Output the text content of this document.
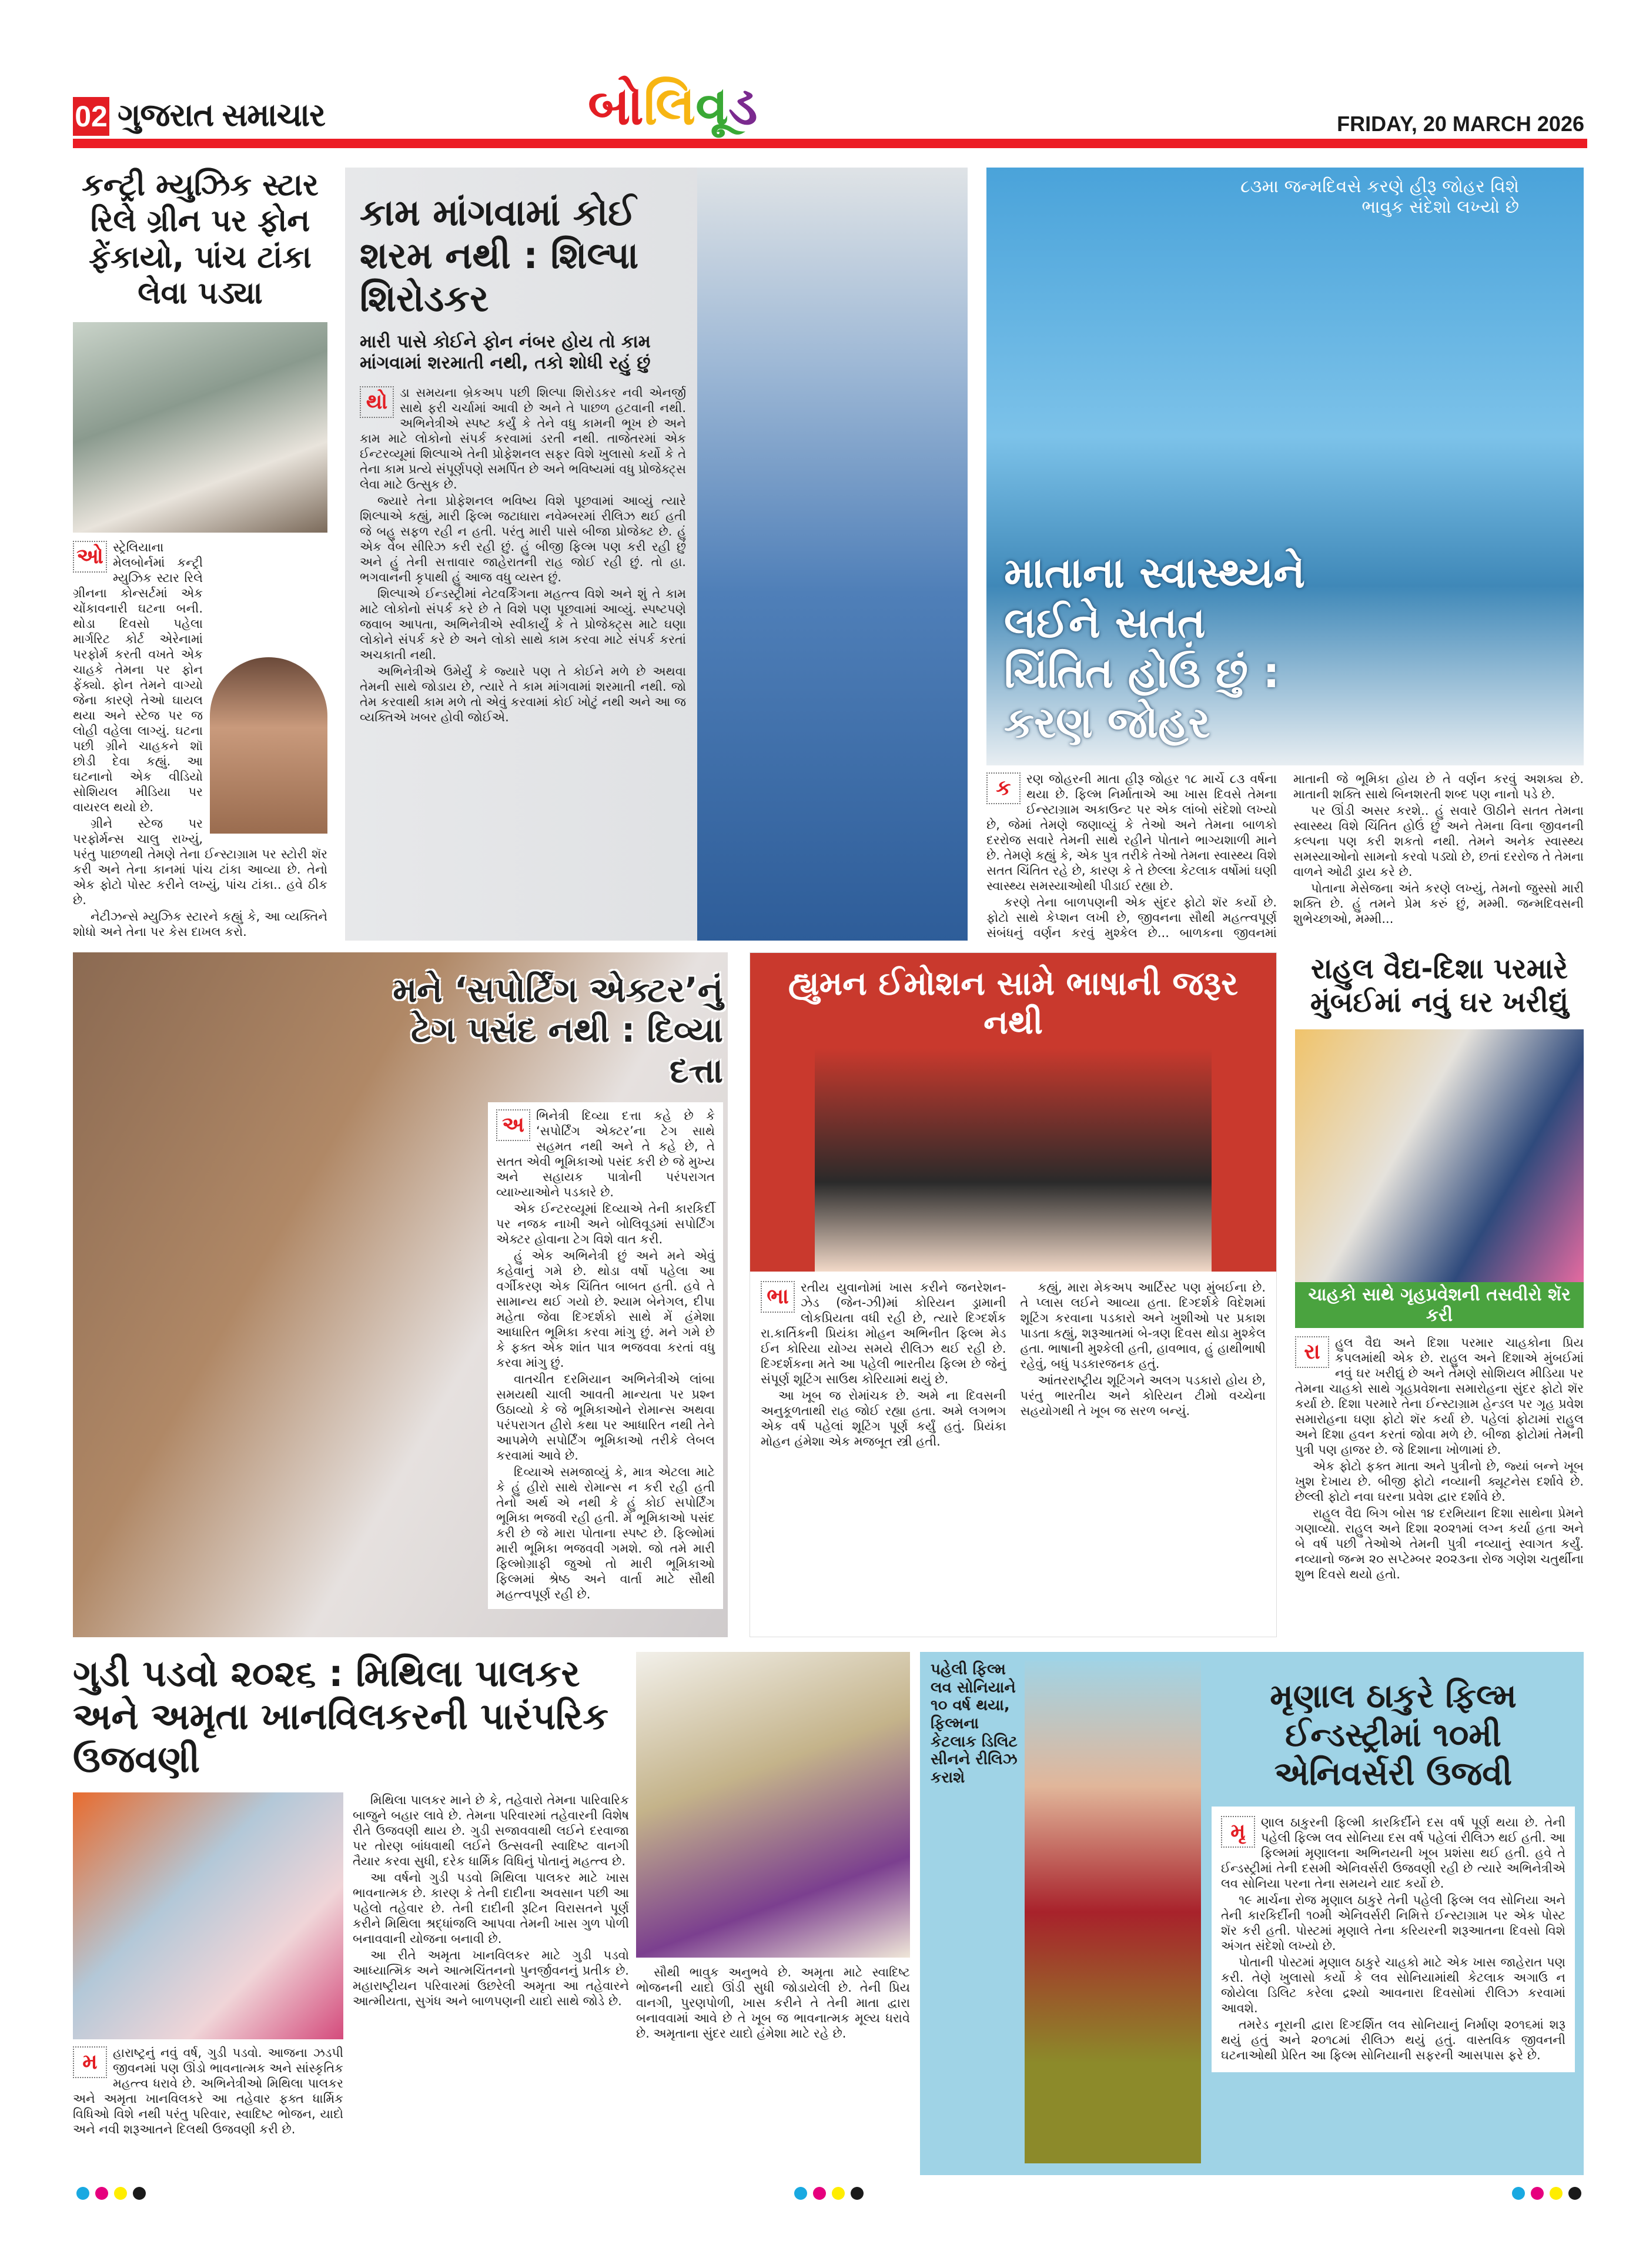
02 ગુજરાત સમાચાર	બો લિ વૂ ડ	FRIDAY, 20 MARCH 2026
કન્ટ્રી મ્યુઝિક સ્ટાર રિલે ગ્રીન પર ફોન ફેંકાયો, પાંચ ટાંકા લેવા પડ્યા
ઓ સ્ટ્રેલિયાના મેલબોર્નમાં કન્ટ્રી મ્યુઝિક સ્ટાર રિલે ગ્રીનના કોન્સર્ટમાં એક ચોંકાવનારી ઘટના બની. થોડા દિવસો પહેલા માર્ગરિટ કોર્ટ એરેનામાં પરફોર્મ કરતી વખતે એક ચાહકે તેમના પર ફોન ફેંક્યો. ફોન તેમને વાગ્યો જેના કારણે તેઓ ઘાયલ થયા અને સ્ટેજ પર જ લોહી વહેલા લાગ્યું. ઘટના પછી ગ્રીને ચાહકને શૉ છોડી દેવા કહ્યું. આ ઘટનાનો એક વીડિયો સોશિયલ મીડિયા પર વાયરલ થયો છે.

ગ્રીને સ્ટેજ પર પરફોર્મન્સ ચાલુ રાખ્યું, પરંતુ પાછળથી તેમણે તેના ઈન્સ્ટાગ્રામ પર સ્ટોરી શૅર કરી અને તેના કાનમાં પાંચ ટાંકા આવ્યા છે. તેનો એક ફોટો પોસ્ટ કરીને લખ્યું, પાંચ ટાંકા.. હવે ઠીક છે.

નેટીઝન્સે મ્યુઝિક સ્ટારને કહ્યું કે, આ વ્યક્તિને શોધો અને તેના પર કેસ દાખલ કરો.

કામ માંગવામાં કોઈ શરમ નથી : શિલ્પા શિરોડકર
મારી પાસે કોઈને ફોન નંબર હોય તો કામ માંગવામાં શરમાતી નથી, તકો શોધી રહું છું
થો ડા સમયના બ્રેકઅપ પછી શિલ્પા શિરોડકર નવી એનર્જી સાથે ફરી ચર્ચામાં આવી છે અને તે પાછળ હટવાની નથી. અભિનેત્રીએ સ્પષ્ટ કર્યું કે તેને વધુ કામની ભૂખ છે અને કામ માટે લોકોનો સંપર્ક કરવામાં ડરતી નથી. તાજેતરમાં એક ઈન્ટરવ્યૂમાં શિલ્પાએ તેની પ્રોફેશનલ સફર વિશે ખુલાસો કર્યો કે તે તેના કામ પ્રત્યે સંપૂર્ણપણે સમર્પિત છે અને ભવિષ્યમાં વધુ પ્રોજેક્ટ્સ લેવા માટે ઉત્સુક છે.

જ્યારે તેના પ્રોફેશનલ ભવિષ્ય વિશે પૂછવામાં આવ્યું ત્યારે શિલ્પાએ કહ્યું, મારી ફિલ્મ જટાધારા નવેમ્બરમાં રીલિઝ થઈ હતી જે બહુ સફળ રહી ન હતી. પરંતુ મારી પાસે બીજા પ્રોજેક્ટ છે. હું એક વેબ સીરિઝ કરી રહી છું. હું બીજી ફિલ્મ પણ કરી રહી છું અને હું તેની સત્તાવાર જાહેરાતની રાહ જોઈ રહી છું. તો હા. ભગવાનની કૃપાથી હું આજ વધુ વ્યસ્ત છું.

શિલ્પાએ ઈન્ડસ્ટ્રીમાં નેટવર્કિંગના મહત્ત્વ વિશે અને શું તે કામ માટે લોકોનો સંપર્ક કરે છે તે વિશે પણ પૂછવામાં આવ્યું. સ્પષ્ટપણે જવાબ આપતા, અભિનેત્રીએ સ્વીકાર્યું કે તે પ્રોજેક્ટ્સ માટે ઘણા લોકોને સંપર્ક કરે છે અને લોકો સાથે કામ કરવા માટે સંપર્ક કરતાં અચકાતી નથી.

અભિનેત્રીએ ઉમેર્યું કે જ્યારે પણ તે કોઈને મળે છે અથવા તેમની સાથે જોડાય છે, ત્યારે તે કામ માંગવામાં શરમાતી નથી. જો તેમ કરવાથી કામ મળે તો એવું કરવામાં કોઈ ખોટું નથી અને આ જ વ્યક્તિએ ખબર હોવી જોઈએ.

૮૩મા જન્મદિવસે કરણે હીરૂ જોહર વિશે ભાવુક સંદેશો લખ્યો છે
માતાના સ્વાસ્થ્યને લઈને સતત ચિંતિત હોઉં છું : કરણ જોહર
ક	રણ જોહરની માતા હીરૂ જોહર ૧૮ માર્ચે ૮૩ વર્ષના થયા છે. ફિલ્મ નિર્માતાએ આ ખાસ દિવસે તેમના ઈન્સ્ટાગ્રામ અકાઉન્ટ પર એક લાંબો સંદેશો લખ્યો છે, જેમાં તેમણે જણાવ્યું કે તેઓ અને તેમના બાળકો દરરોજ સવારે તેમની સાથે રહીને પોતાને ભાગ્યશાળી માને છે. તેમણે કહ્યું કે, એક પુત્ર તરીકે તેઓ તેમના સ્વાસ્થ્ય વિશે સતત ચિંતિત રહે છે, કારણ કે તે છેલ્લા કેટલાક વર્ષોમાં ઘણી સ્વાસ્થ્ય સમસ્યાઓથી પીડાઈ રહ્યા છે.

કરણે તેના બાળપણની એક સુંદર ફોટો શૅર કર્યો છે. ફોટો સાથે કેપ્શન લખી છે, જીવનના સૌથી મહત્ત્વપૂર્ણ સંબંધનું વર્ણન કરવું મુશ્કેલ છે... બાળકના જીવનમાં માતાની જે ભૂમિકા હોય છે તે વર્ણન કરવું અશક્ય છે. માતાની શક્તિ સાથે બિનશરતી શબ્દ પણ નાનો પડે છે.

પર ઊંડી અસર કરશે.. હું સવારે ઊઠીને સતત તેમના સ્વાસ્થ્ય વિશે ચિંતિત હોઉં છું અને તેમના વિના જીવનની કલ્પના પણ કરી શકતો નથી. તેમને અનેક સ્વાસ્થ્ય સમસ્યાઓનો સામનો કરવો પડ્યો છે, છતાં દરરોજ તે તેમના વાળને ઓઢી ડ્રાય કરે છે.

પોતાના મેસેજના અંતે કરણે લખ્યું, તેમનો જુસ્સો મારી શક્તિ છે. હું તમને પ્રેમ કરું છું, મમ્મી. જન્મદિવસની શુભેચ્છાઓ, મમ્મી...

મને ‘સપોર્ટિંગ એક્ટર’નું ટેગ પસંદ નથી : દિવ્યા દત્તા
અ ભિનેત્રી દિવ્યા દત્તા કહે છે કે ‘સપોર્ટિંગ એક્ટર’ના ટેગ સાથે સહમત નથી અને તે કહે છે, તે સતત એવી ભૂમિકાઓ પસંદ કરી છે જે મુખ્ય અને સહાયક પાત્રોની પરંપરાગત વ્યાખ્યાઓને પડકારે છે.

એક ઈન્ટરવ્યૂમાં દિવ્યાએ તેની કારકિર્દી પર નજક નાખી અને બોલિવૂડમાં સપોર્ટિંગ એક્ટર હોવાના ટેગ વિશે વાત કરી.

હું એક અભિનેત્રી છું અને મને એવું કહેવાનું ગમે છે. થોડા વર્ષો પહેલા આ વર્ગીકરણ એક ચિંતિત બાબત હતી. હવે તે સામાન્ય થઈ ગયો છે. શ્યામ બેનેગલ, દીપા મહેતા જેવા દિગ્દર્શકો સાથે મેં હંમેશા આધારિત ભૂમિકા કરવા માંગુ છું. મને ગમે છે કે ફક્ત એક શાંત પાત્ર ભજવવા કરતાં વધુ કરવા માંગુ છું.

વાતચીત દરમિયાન અભિનેત્રીએ લાંબા સમયથી ચાલી આવતી માન્યતા પર પ્રશ્ન ઉઠાવ્યો કે જે ભૂમિકાઓને રોમાન્સ અથવા પરંપરાગત હીરો કથા પર આધારિત નથી તેને આપમેળે સપોર્ટિંગ ભૂમિકાઓ તરીકે લેબલ કરવામાં આવે છે.

દિવ્યાએ સમજાવ્યું કે, માત્ર એટલા માટે કે હું હીરો સાથે રોમાન્સ ન કરી રહી હતી તેનો અર્થ એ નથી કે હું કોઈ સપોર્ટિંગ ભૂમિકા ભજવી રહી હતી. મેં ભૂમિકાઓ પસંદ કરી છે જે મારા પોતાના સ્પષ્ટ છે. ફિલ્મોમાં મારી ભૂમિકા ભજવવી ગમશે. જો તમે મારી ફિલ્મોગ્રાફી જુઓ તો મારી ભૂમિકાઓ ફિલ્મમાં શ્રેષ્ઠ અને વાર્તા માટે સૌથી મહત્ત્વપૂર્ણ રહી છે.

હ્યુમન ઈમોશન સામે ભાષાની જરૂર નથી
ભા રતીય યુવાનોમાં ખાસ કરીને જનરેશન-ઝેડ (જેન-ઝી)માં કોરિયન ડ્રામાની લોકપ્રિયતા વધી રહી છે, ત્યારે દિગ્દર્શક રા.કાર્તિકની પ્રિયંકા મોહન અભિનીત ફિલ્મ મેડ ઈન કોરિયા યોગ્ય સમયે રીલિઝ થઈ રહી છે. દિગ્દર્શકના મતે આ પહેલી ભારતીય ફિલ્મ છે જેનું સંપૂર્ણ શૂટિંગ સાઉથ કોરિયામાં થયું છે.

આ ખૂબ જ રોમાંચક છે. અમે ના દિવસની અનુકૂળતાથી રાહ જોઈ રહ્યા હતા. અમે લગભગ એક વર્ષ પહેલાં શૂટિંગ પૂર્ણ કર્યું હતું. પ્રિયંકા મોહન હંમેશા એક મજબૂત સ્ત્રી હતી.

કહ્યું, મારા મેકઅપ આર્ટિસ્ટ પણ મુંબઈના છે. તે પ્લાસ લઈને આવ્યા હતા. દિગ્દર્શકે વિદેશમાં શૂટિંગ કરવાના પડકારો અને ખુશીઓ પર પ્રકાશ પાડતા કહ્યું, શરૂઆતમાં બે-ત્રણ દિવસ થોડા મુશ્કેલ હતા. ભાષાની મુશ્કેલી હતી, હાવભાવ, હું હાથીભાષી રહેવું, બધું પડકારજનક હતું.

આંતરરાષ્ટ્રીય શૂટિંગને અલગ પડકારો હોય છે, પરંતુ ભારતીય અને કોરિયન ટીમો વચ્ચેના સહયોગથી તે ખૂબ જ સરળ બન્યું.

રાહુલ વૈદ્ય-દિશા પરમારે મુંબઈમાં નવું ઘર ખરીદ્યું
ચાહકો સાથે ગૃહપ્રવેશની તસવીરો શૅર કરી
રા	હુલ વૈદ્ય અને દિશા પરમાર ચાહકોના પ્રિય કપલમાંથી એક છે. રાહુલ અને દિશાએ મુંબઈમાં નવું ઘર ખરીદ્યું છે અને તેમણે સોશિયલ મીડિયા પર તેમના ચાહકો સાથે ગૃહપ્રવેશના સમારોહના સુંદર ફોટો શૅર કર્યા છે. દિશા પરમારે તેના ઈન્સ્ટાગ્રામ હેન્ડલ પર ગૃહ પ્રવેશ સમારોહના ઘણા ફોટો શૅર કર્યા છે. પહેલાં ફોટામાં રાહુલ અને દિશા હવન કરતાં જોવા મળે છે. બીજા ફોટોમાં તેમની પુત્રી પણ હાજર છે. જે દિશાના ખોળામાં છે.

એક ફોટો ફક્ત માતા અને પુત્રીનો છે, જ્યાં બન્ને ખૂબ ખુશ દેખાય છે. બીજી ફોટો નવ્યાની ક્યૂટનેસ દર્શાવે છે. છેલ્લી ફોટો નવા ઘરના પ્રવેશ દ્વાર દર્શાવે છે.

રાહુલ વૈદ્ય બિગ બોસ ૧૪ દરમિયાન દિશા સાથેના પ્રેમને ગણાવ્યો. રાહુલ અને દિશા ૨૦૨૧માં લગ્ન કર્યા હતા અને બે વર્ષ પછી તેઓએ તેમની પુત્રી નવ્યાનું સ્વાગત કર્યું. નવ્યાનો જન્મ ૨૦ સપ્ટેમ્બર ૨૦૨૩ના રોજ ગણેશ ચતુર્થીના શુભ દિવસે થયો હતો.

ગુડી પડવો ૨૦૨૬ : મિથિલા પાલકર અને અમૃતા ખાનવિલકરની પારંપરિક ઉજવણી
મ	હારાષ્ટ્રનું નવું વર્ષ, ગુડી પડવો. આજના ઝડપી જીવનમાં પણ ઊંડો ભાવનાત્મક અને સાંસ્કૃતિક મહત્ત્વ ધરાવે છે. અભિનેત્રીઓ મિથિલા પાલકર અને અમૃતા ખાનવિલકરે આ તહેવાર ફક્ત ધાર્મિક વિધિઓ વિશે નથી પરંતુ પરિવાર, સ્વાદિષ્ટ ભોજન, યાદો અને નવી શરૂઆતને દિલથી ઉજવણી કરી છે.

મિથિલા પાલકર માને છે કે, તહેવારો તેમના પારિવારિક બાજુને બહાર લાવે છે. તેમના પરિવારમાં તહેવારની વિશેષ રીતે ઉજવણી થાય છે. ગુડી સજાવવાથી લઈને દરવાજા પર તોરણ બાંધવાથી લઈને ઉત્સવની સ્વાદિષ્ટ વાનગી તૈયાર કરવા સુધી, દરેક ધાર્મિક વિધિનું પોતાનું મહત્ત્વ છે.

આ વર્ષનો ગુડી પડવો મિથિલા પાલકર માટે ખાસ ભાવનાત્મક છે. કારણ કે તેની દાદીના અવસાન પછી આ પહેલો તહેવાર છે. તેની દાદીની રૂટિન વિરાસતને પૂર્ણ કરીને મિથિલા શ્રદ્ધાંજલિ આપવા તેમની ખાસ ગુળ પોળી બનાવવાની યોજના બનાવી છે.

આ રીતે અમૃતા ખાનવિલકર માટે ગુડી પડવો આધ્યાત્મિક અને આત્મચિંતનનો પુનર્જીવનનું પ્રતીક છે. મહારાષ્ટ્રીયન પરિવારમાં ઉછરેલી અમૃતા આ તહેવારને આત્મીયતા, સુગંધ અને બાળપણની યાદો સાથે જોડે છે.

સૌથી ભાવુક અનુભવે છે. અમૃતા માટે સ્વાદિષ્ટ ભોજનની યાદો ઊંડી સુધી જોડાયેલી છે. તેની પ્રિય વાનગી, પુરણપોળી, ખાસ કરીને તે તેની માતા દ્વારા બનાવવામાં આવે છે તે ખૂબ જ ભાવનાત્મક મૂલ્ય ધરાવે છે. અમૃતાના સુંદર યાદો હંમેશા માટે રહે છે.

પહેલી ફિલ્મ લવ સોનિયાને ૧૦ વર્ષ થયા, ફિલ્મના કેટલાક ડિલિટ સીનને રીલિઝ કરાશે
મૃણાલ ઠાકુરે ફિલ્મ ઈન્ડસ્ટ્રીમાં ૧૦મી એનિવર્સરી ઉજવી
મૃ	ણાલ ઠાકુરની ફિલ્મી કારકિર્દીને દસ વર્ષ પૂર્ણ થયા છે. તેની પહેલી ફિલ્મ લવ સોનિયા દસ વર્ષ પહેલાં રીલિઝ થઈ હતી. આ ફિલ્મમાં મૃણાલના અભિનયની ખૂબ પ્રશંસા થઈ હતી. હવે તે ઈન્ડસ્ટ્રીમાં તેની દસમી એનિવર્સરી ઉજવણી રહી છે ત્યારે અભિનેત્રીએ લવ સોનિયા પરના તેના સમયને યાદ કર્યો છે.

૧૯ માર્ચના રોજ મૃણાલ ઠાકુરે તેની પહેલી ફિલ્મ લવ સોનિયા અને તેની કારકિર્દીની ૧૦મી એનિવર્સરી નિમિત્તે ઈન્સ્ટાગ્રામ પર એક પોસ્ટ શૅર કરી હતી. પોસ્ટમાં મૃણાલે તેના કરિયરની શરૂઆતના દિવસો વિશે અંગત સંદેશો લખ્યો છે.

પોતાની પોસ્ટમાં મૃણાલ ઠાકુરે ચાહકો માટે એક ખાસ જાહેરાત પણ કરી. તેણે ખુલાસો કર્યો કે લવ સોનિયામાંથી કેટલાક અગાઉ ન જોયેલા ડિલિટ કરેલા દ્રશ્યો આવનારા દિવસોમાં રીલિઝ કરવામાં આવશે.

તમરેડ નૂરાની દ્વારા દિગ્દર્શિત લવ સોનિયાનું નિર્માણ ૨૦૧૬માં શરૂ થયું હતું અને ૨૦૧૮માં રીલિઝ થયું હતું. વાસ્તવિક જીવનની ઘટનાઓથી પ્રેરિત આ ફિલ્મ સોનિયાની સફરની આસપાસ ફરે છે.
